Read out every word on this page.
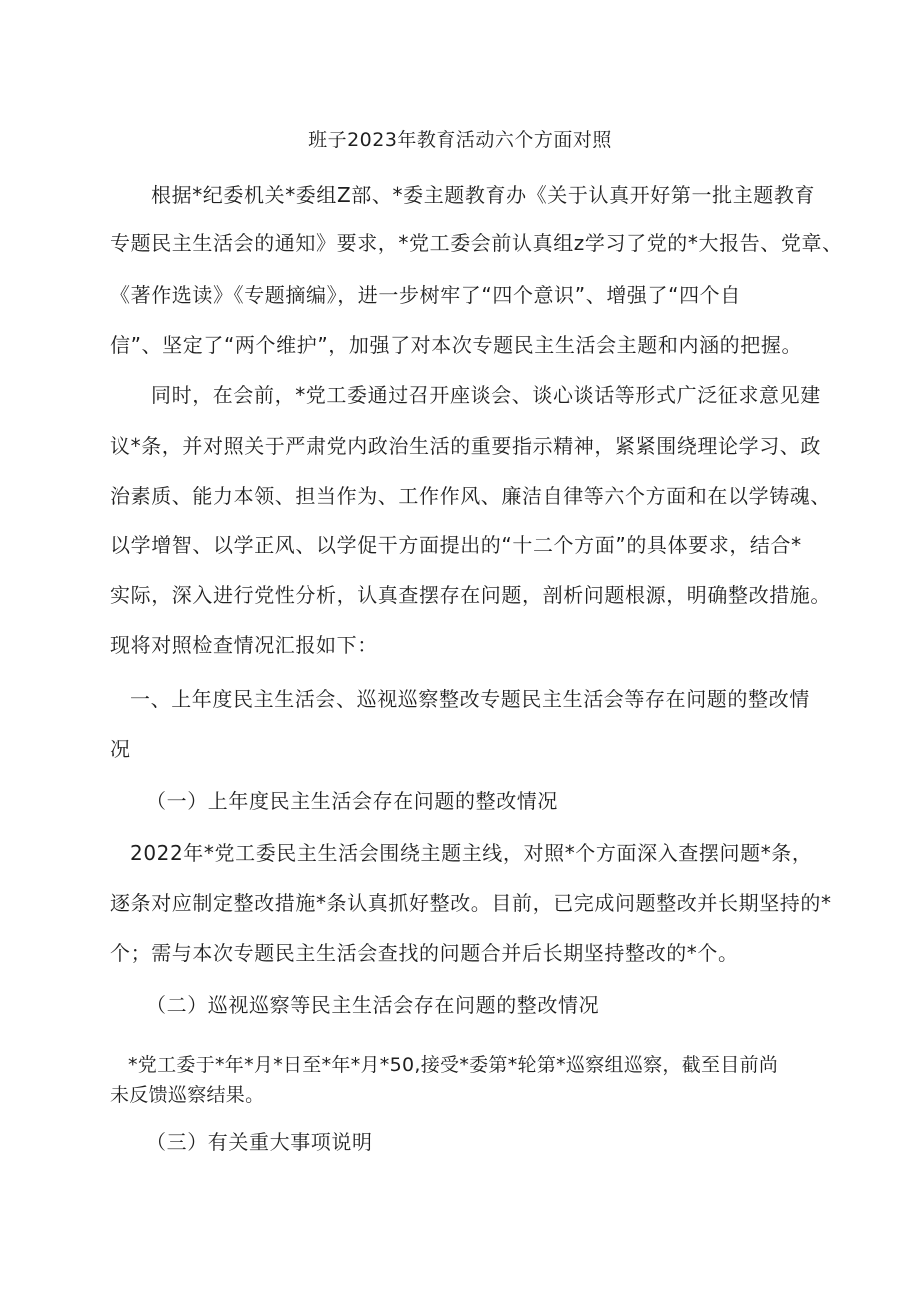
班子2023年教育活动六个方面对照
根据*纪委机关*委组Z部、*委主题教育办《关于认真开好第一批主题教育
专题民主生活会的通知》要求，*党工委会前认真组z学习了党的*大报告、党章、
《著作选读》《专题摘编》，进一步树牢了“四个意识”、增强了“四个自
信”、坚定了“两个维护”，加强了对本次专题民主生活会主题和内涵的把握。
同时，在会前，*党工委通过召开座谈会、谈心谈话等形式广泛征求意见建
议*条，并对照关于严肃党内政治生活的重要指示精神，紧紧围绕理论学习、政
治素质、能力本领、担当作为、工作作风、廉洁自律等六个方面和在以学铸魂、
以学增智、以学正风、以学促干方面提出的“十二个方面”的具体要求，结合*
实际，深入进行党性分析，认真查摆存在问题，剖析问题根源，明确整改措施。
现将对照检查情况汇报如下：
一、上年度民主生活会、巡视巡察整改专题民主生活会等存在问题的整改情
况
（一）上年度民主生活会存在问题的整改情况
2022年*党工委民主生活会围绕主题主线，对照*个方面深入查摆问题*条，
逐条对应制定整改措施*条认真抓好整改。目前，已完成问题整改并长期坚持的*
个；需与本次专题民主生活会查找的问题合并后长期坚持整改的*个。
（二）巡视巡察等民主生活会存在问题的整改情况
*党工委于*年*月*日至*年*月*50,接受*委第*轮第*巡察组巡察，截至目前尚
未反馈巡察结果。
（三）有关重大事项说明
